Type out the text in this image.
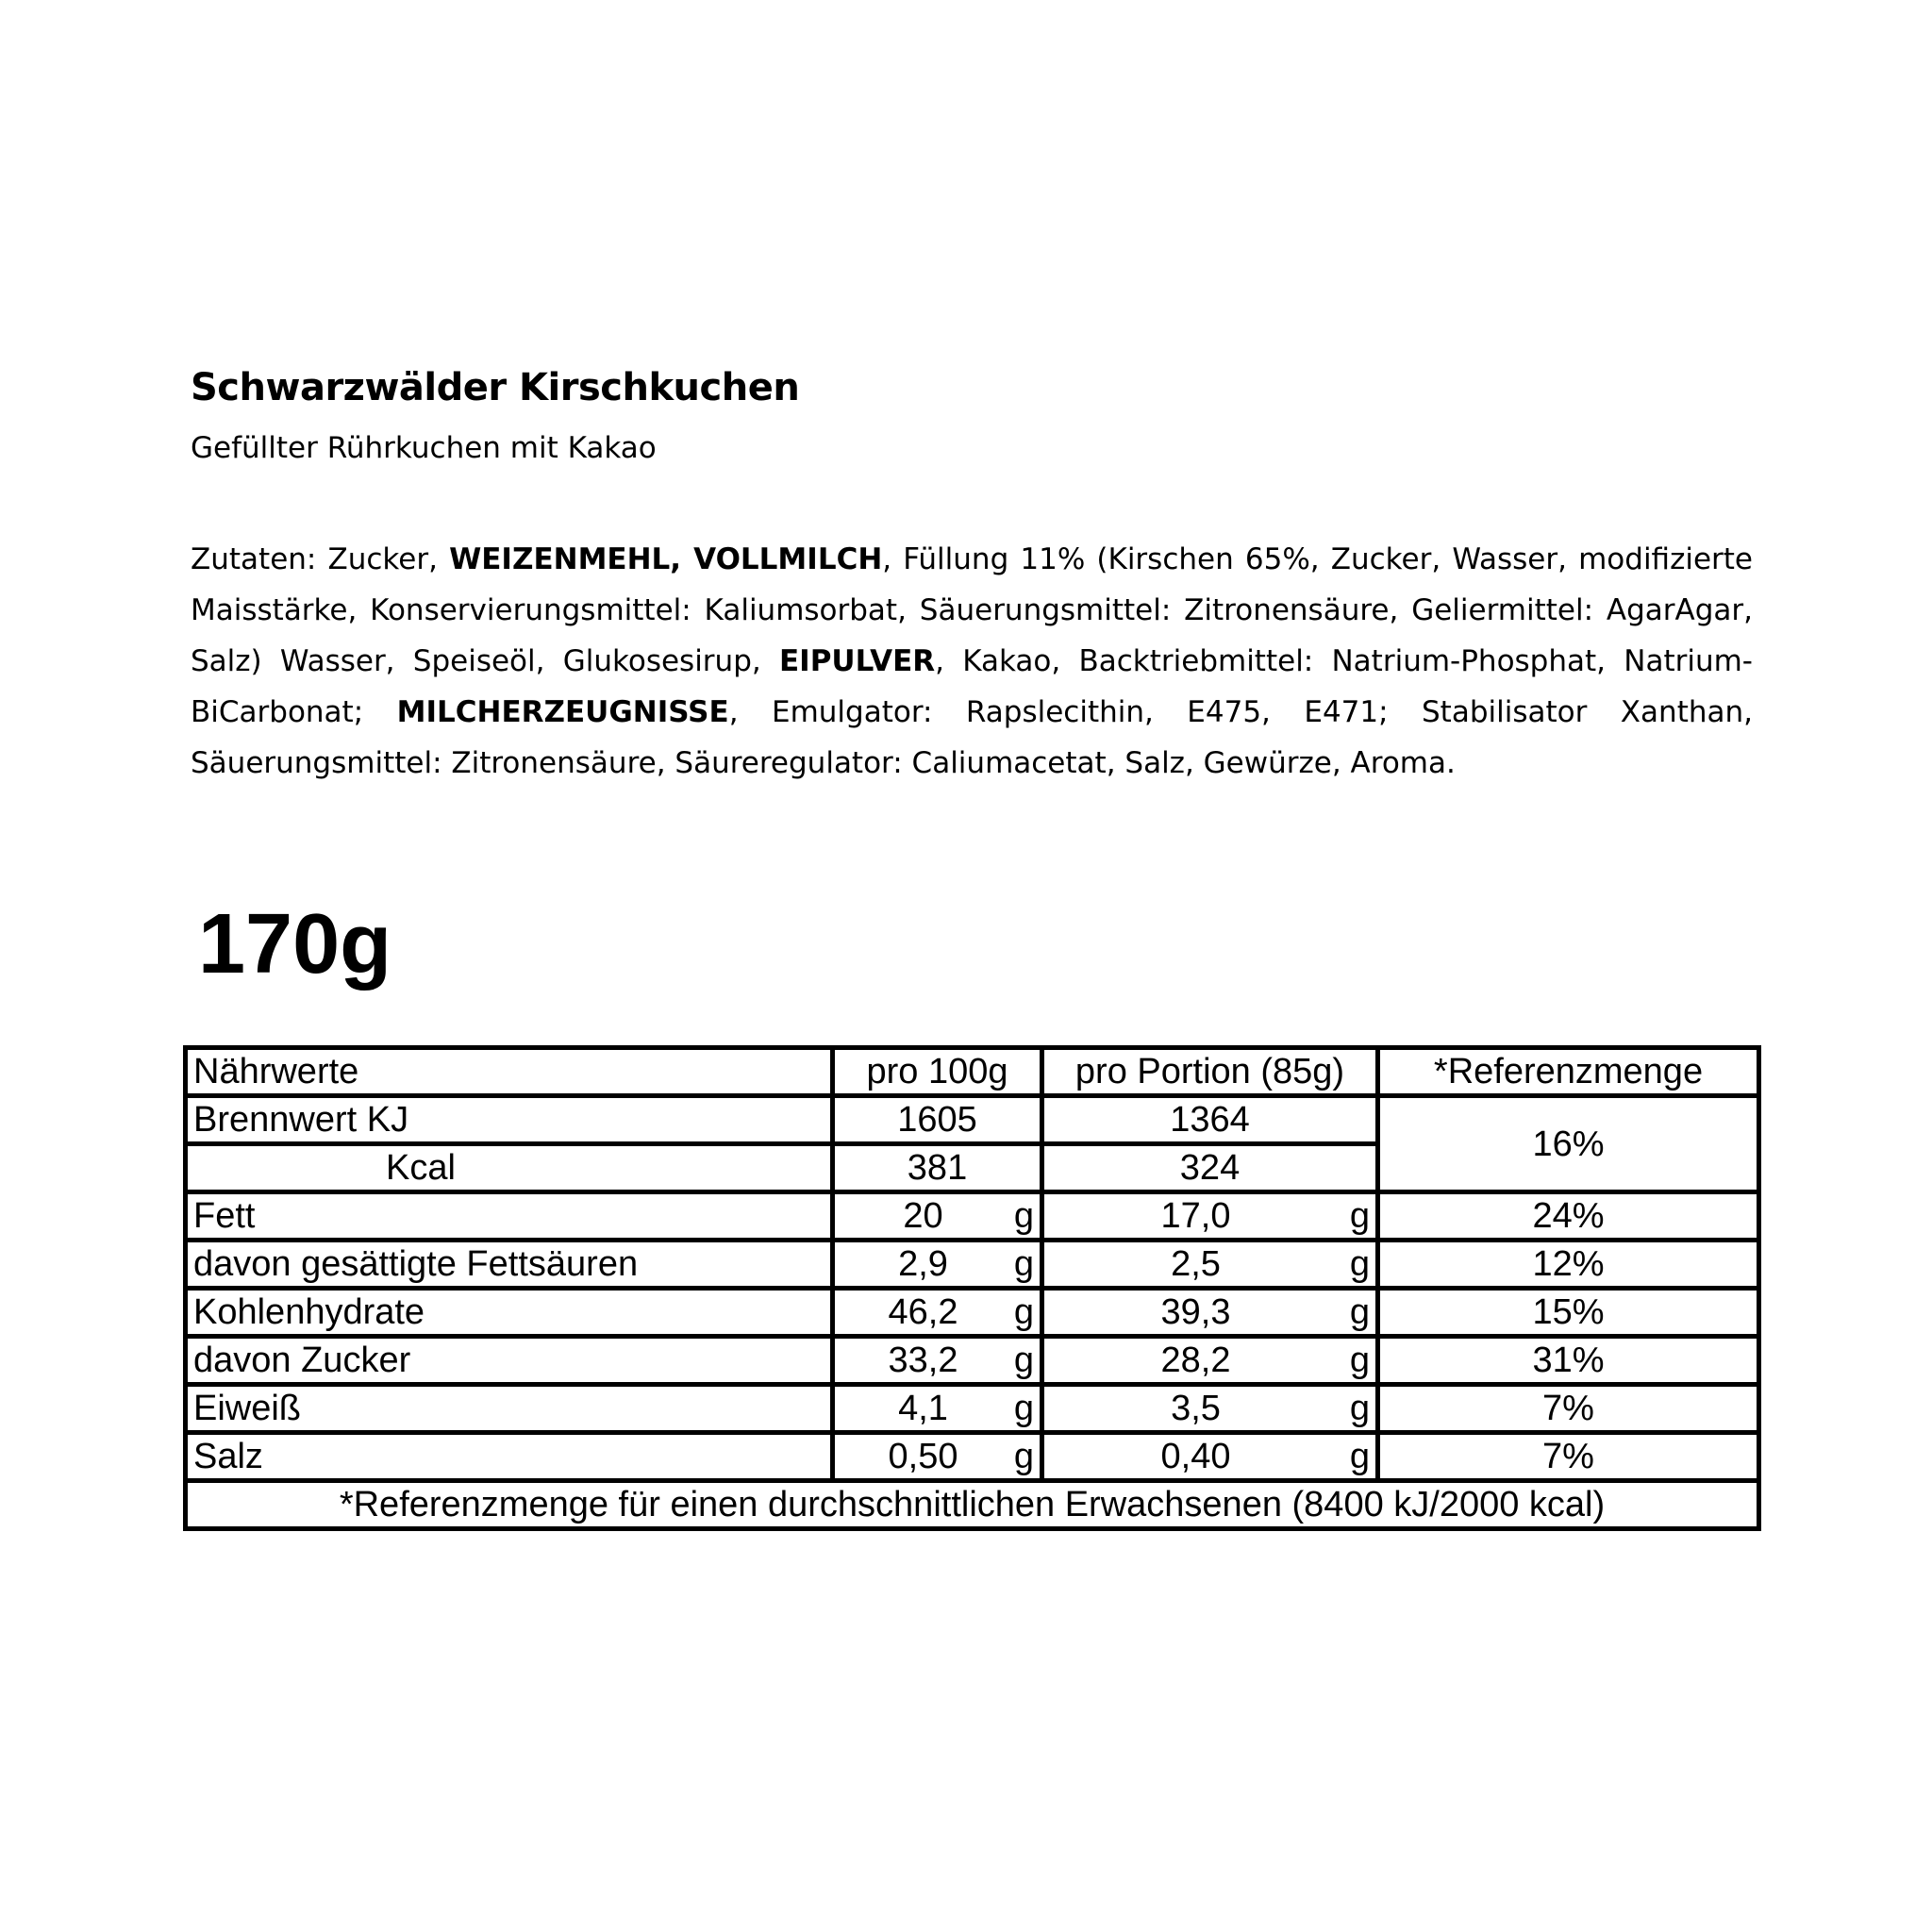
Schwarzwälder Kirschkuchen
Gefüllter Rührkuchen mit Kakao
Zutaten: Zucker, WEIZENMEHL, VOLLMILCH, Füllung 11% (Kirschen 65%, Zucker, Wasser, modifizierte Maisstärke, Konservierungsmittel: Kaliumsorbat, Säuerungsmittel: Zitronensäure, Geliermittel: AgarAgar, Salz) Wasser, Speiseöl, Glukosesirup, EIPULVER, Kakao, Backtriebmittel: Natrium-Phosphat, Natrium-BiCarbonat; MILCHERZEUGNISSE, Emulgator: Rapslecithin, E475, E471; Stabilisator Xanthan, Säuerungsmittel: Zitronensäure, Säureregulator: Caliumacetat, Salz, Gewürze, Aroma.
170g
Nährwerte	pro 100g	pro Portion (85g)	*Referenzmenge
Brennwert KJ	1605	1364	16%
Kcal	381	324	
Fett	20 g	17,0 g	24%
davon gesättigte Fettsäuren	2,9 g	2,5 g	12%
Kohlenhydrate	46,2 g	39,3 g	15%
davon Zucker	33,2 g	28,2 g	31%
Eiweiß	4,1 g	3,5 g	7%
Salz	0,50 g	0,40 g	7%
*Referenzmenge für einen durchschnittlichen Erwachsenen (8400 kJ/2000 kcal)			
